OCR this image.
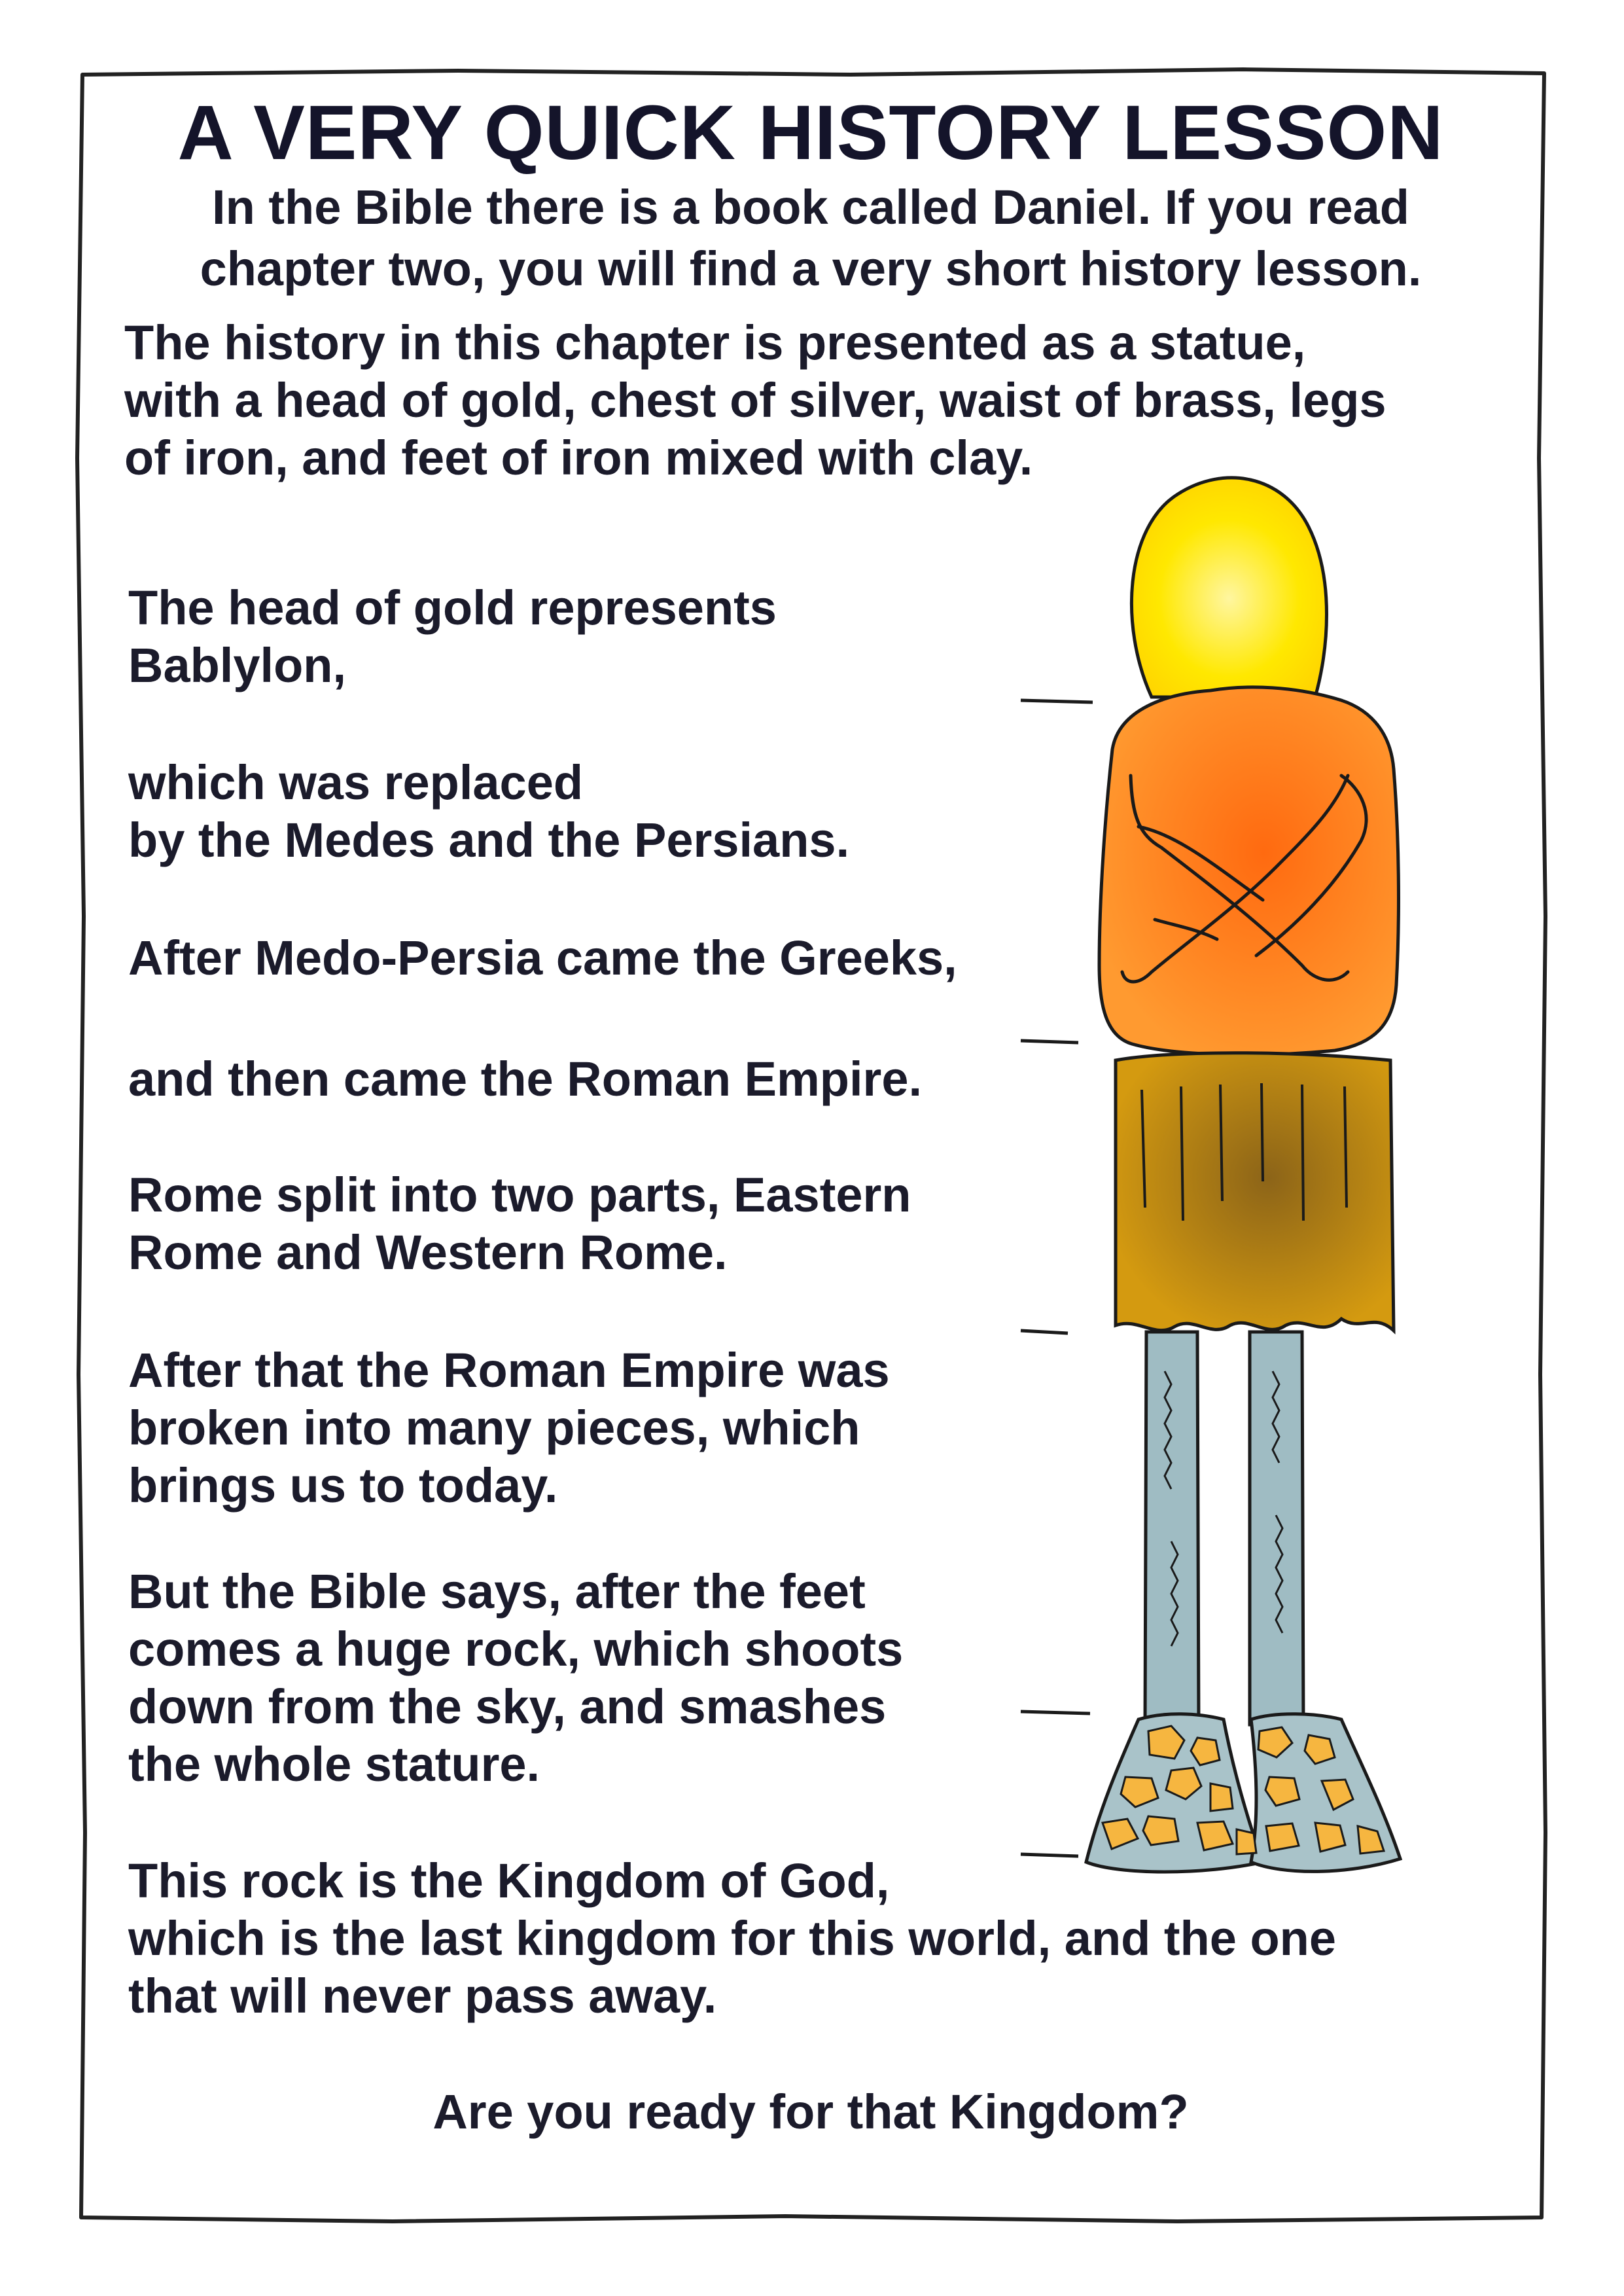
A VERY QUICK HISTORY LESSON
In the Bible there is a book called Daniel. If you read
chapter two, you will find a very short history lesson.
The history in this chapter is presented as a statue,
with a head of gold, chest of silver, waist of brass, legs
of iron, and feet of iron mixed with clay.
The head of gold represents
Bablylon,
which was replaced
by the Medes and the Persians.
After Medo-Persia came the Greeks,
and then came the Roman Empire.
Rome split into two parts, Eastern
Rome and Western Rome.
After that the Roman Empire was
broken into many pieces, which
brings us to today.
But the Bible says, after the feet
comes a huge rock, which shoots
down from the sky, and smashes
the whole stature.
This rock is the Kingdom of God,
which is the last kingdom for this world, and the one
that will never pass away.
Are you ready for that Kingdom?
